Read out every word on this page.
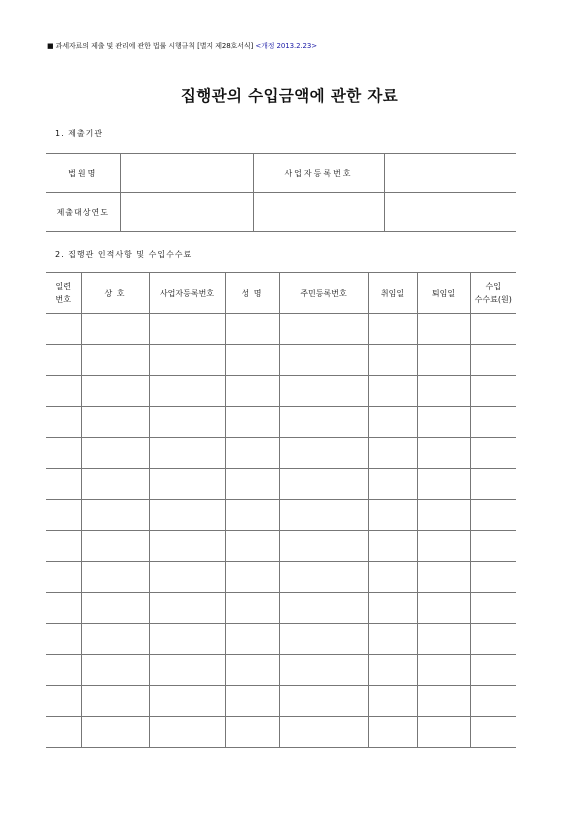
■ 과세자료의 제출 및 관리에 관한 법률 시행규칙 [별지 제28호서식] <개정 2013.2.23>
집행관의 수입금액에 관한 자료
1. 제출기관
법원명		사업자등록번호	
제출대상연도			
2. 집행관 인적사항 및 수입수수료
일련
번호	상 호	사업자등록번호	성 명	주민등록번호	취임일	퇴임일	수입
수수료(원)
